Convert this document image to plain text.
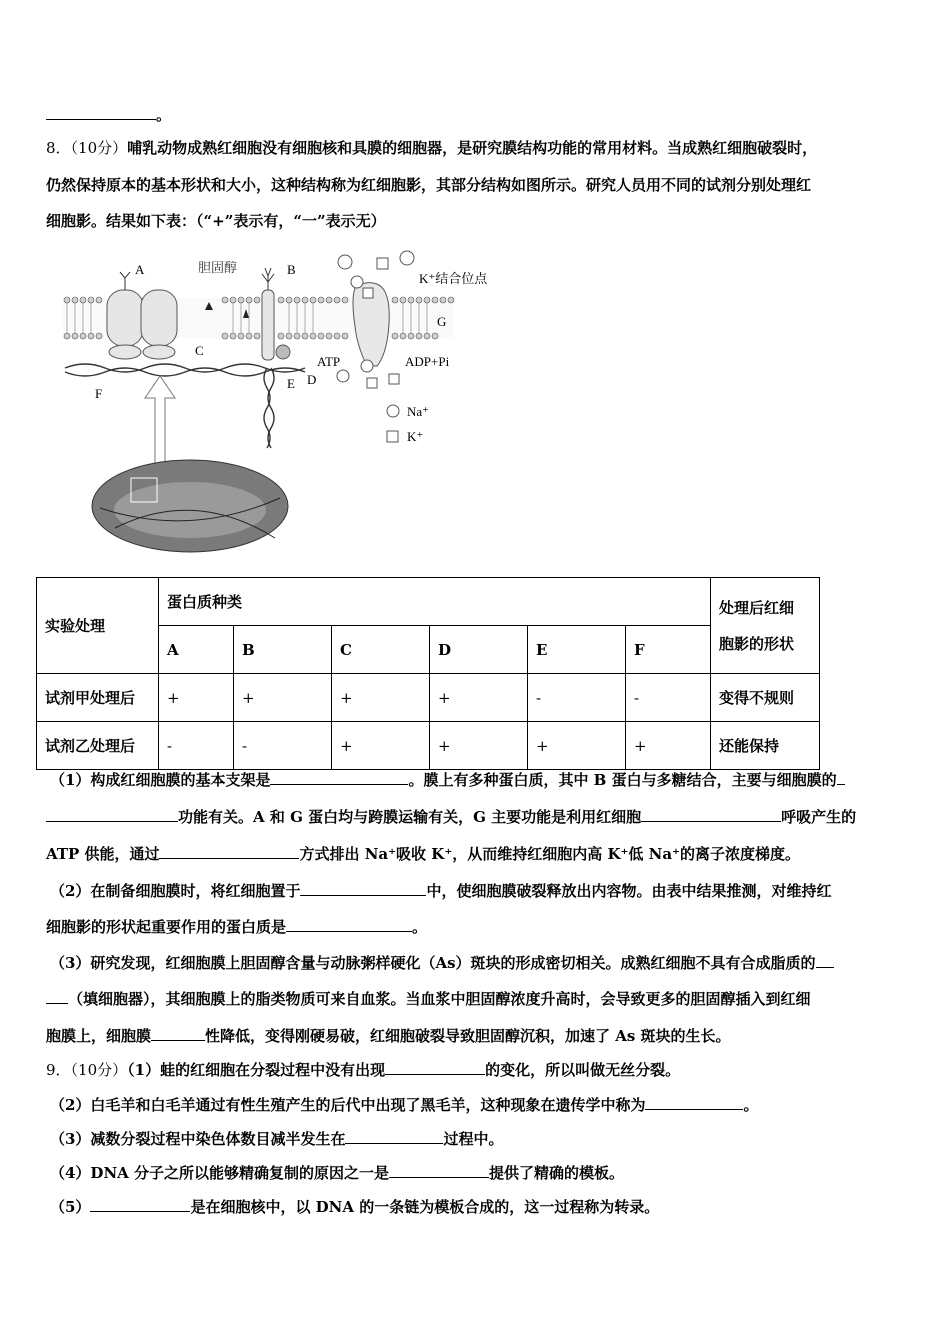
。
8．（10分）哺乳动物成熟红细胞没有细胞核和具膜的细胞器，是研究膜结构功能的常用材料。当成熟红细胞破裂时，
仍然保持原本的基本形状和大小，这种结构称为红细胞影，其部分结构如图所示。研究人员用不同的试剂分别处理红
细胞影。结果如下表：（“+”表示有，“一”表示无）
A	胆固醇	B
K⁺结合位点
G
C
ATP	ADP+Pi
E D
F
Na⁺
K⁺
实验处理	蛋白质种类						处理后红细
胞影的形状
	A	B	C	D	E	F	
试剂甲处理后	+	+	+	+	-	-	变得不规则
试剂乙处理后	-	-	+	+	+	+	还能保持
（1）构成红细胞膜的基本支架是	。膜上有多种蛋白质，其中 B 蛋白与多糖结合，主要与细胞膜的
功能有关。A 和 G 蛋白均与跨膜运输有关，G 主要功能是利用红细胞	呼吸产生的
ATP 供能，通过	方式排出 Na⁺吸收 K⁺，从而维持红细胞内高 K⁺低 Na⁺的离子浓度梯度。
（2）在制备细胞膜时，将红细胞置于	中，使细胞膜破裂释放出内容物。由表中结果推测，对维持红
细胞影的形状起重要作用的蛋白质是	。
（3）研究发现，红细胞膜上胆固醇含量与动脉粥样硬化（As）斑块的形成密切相关。成熟红细胞不具有合成脂质的
（填细胞器），其细胞膜上的脂类物质可来自血浆。当血浆中胆固醇浓度升高时，会导致更多的胆固醇插入到红细
胞膜上，细胞膜	性降低，变得刚硬易破，红细胞破裂导致胆固醇沉积，加速了 As 斑块的生长。
9．（10分）（1）蛙的红细胞在分裂过程中没有出现	的变化，所以叫做无丝分裂。
（2）白毛羊和白毛羊通过有性生殖产生的后代中出现了黑毛羊，这种现象在遗传学中称为	。
（3）减数分裂过程中染色体数目减半发生在	过程中。
（4）DNA 分子之所以能够精确复制的原因之一是	提供了精确的模板。
（5）	是在细胞核中，以 DNA 的一条链为模板合成的，这一过程称为转录。
